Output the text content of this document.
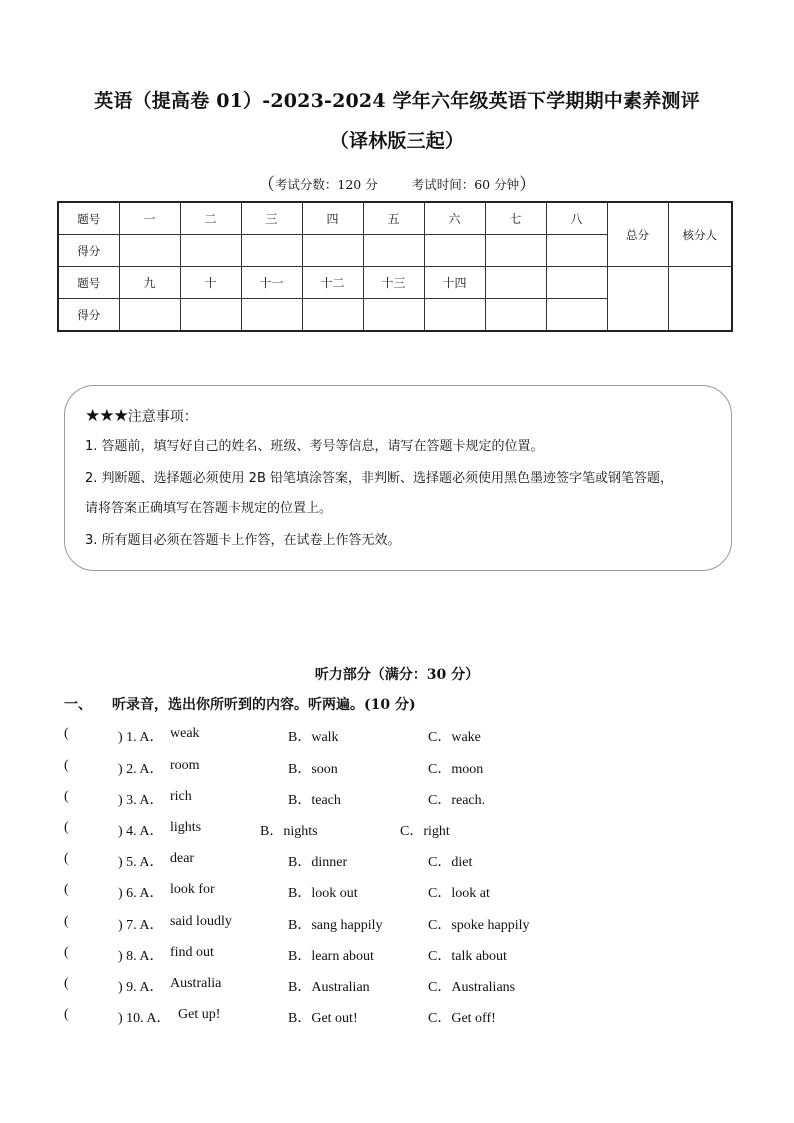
英语（提高卷 01）-2023-2024 学年六年级英语下学期期中素养测评
（译林版三起）
（考试分数：120 分	考试时间：60 分钟）
题号	一	二	三	四	五	六	七	八	总分	核分人
得分										
题号	九	十	十一	十二	十三	十四				
得分										
★★★注意事项：
1. 答题前，填写好自己的姓名、班级、考号等信息，请写在答题卡规定的位置。
2. 判断题、选择题必须使用 2B 铅笔填涂答案，非判断、选择题必须使用黑色墨迹签字笔或钢笔答题，
请将答案正确填写在答题卡规定的位置上。
3. 所有题目必须在答题卡上作答，在试卷上作答无效。
听力部分（满分：30 分）
一、 听录音，选出你所听到的内容。听两遍。(10 分)
(	) 1. A． weak	B．walk	C．wake
(	) 2. A． room	B．soon	C．moon
(	) 3. A． rich	B．teach	C．reach.
(	) 4. A． lights	B．nights	C．right
(	) 5. A． dear	B．dinner	C．diet
(	) 6. A． look for	B．look out	C．look at
(	) 7. A． said loudly	B．sang happily	C．spoke happily
(	) 8. A． find out	B．learn about	C．talk about
(	) 9. A． Australia	B．Australian	C．Australians
(	) 10. A． Get up!	B．Get out!	C．Get off!
